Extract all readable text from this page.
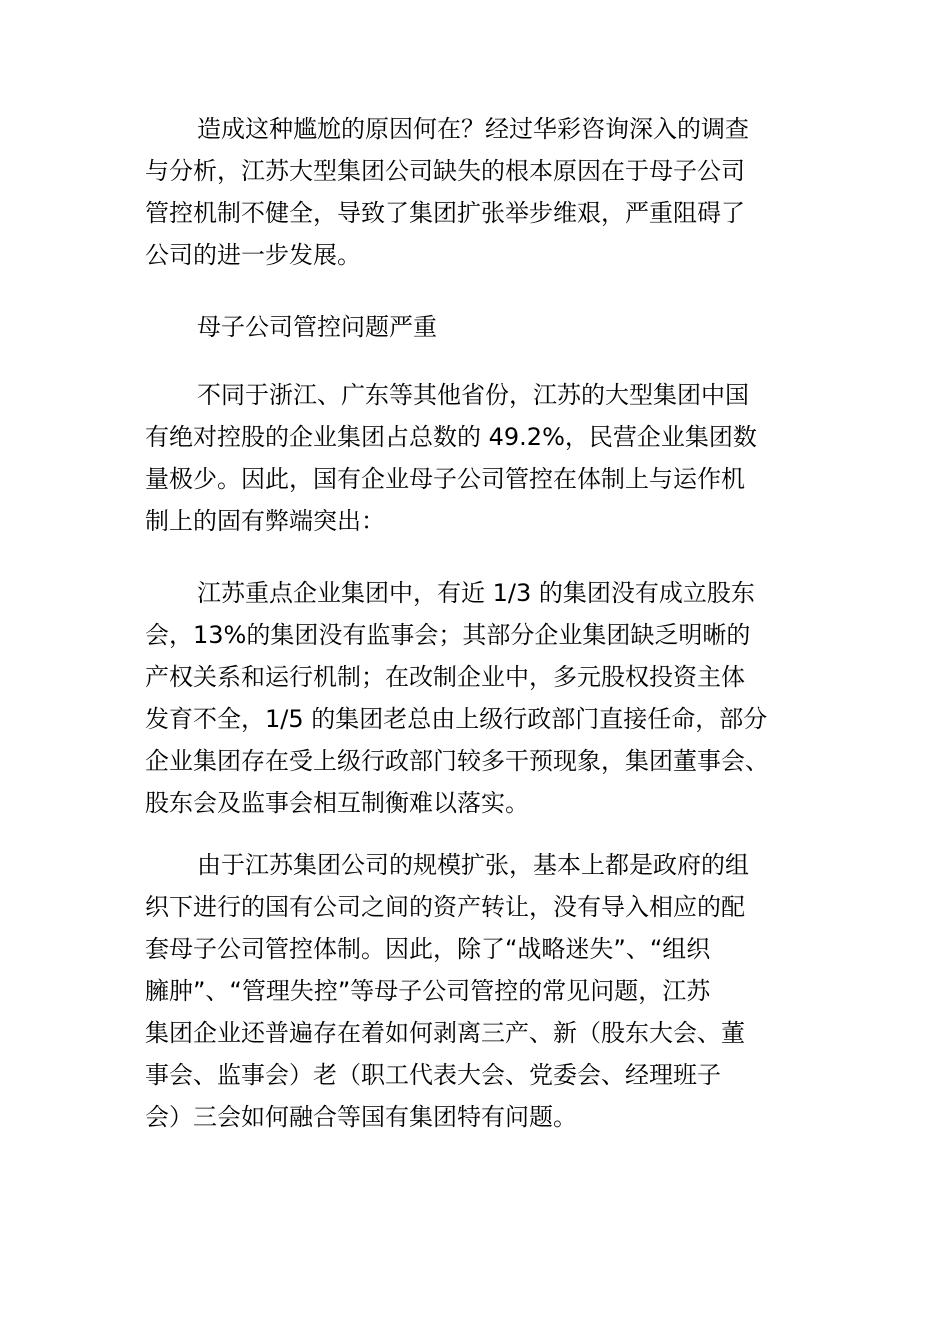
造成这种尴尬的原因何在？经过华彩咨询深入的调查
与分析，江苏大型集团公司缺失的根本原因在于母子公司
管控机制不健全，导致了集团扩张举步维艰，严重阻碍了
公司的进一步发展。
母子公司管控问题严重
不同于浙江、广东等其他省份，江苏的大型集团中国
有绝对控股的企业集团占总数的 49.2%，民营企业集团数
量极少。因此，国有企业母子公司管控在体制上与运作机
制上的固有弊端突出：
江苏重点企业集团中，有近 1/3 的集团没有成立股东
会，13%的集团没有监事会；其部分企业集团缺乏明晰的
产权关系和运行机制；在改制企业中，多元股权投资主体
发育不全，1/5 的集团老总由上级行政部门直接任命，部分
企业集团存在受上级行政部门较多干预现象，集团董事会、
股东会及监事会相互制衡难以落实。
由于江苏集团公司的规模扩张，基本上都是政府的组
织下进行的国有公司之间的资产转让，没有导入相应的配
套母子公司管控体制。因此，除了“战略迷失”、“组织
臃肿”、“管理失控”等母子公司管控的常见问题，江苏
集团企业还普遍存在着如何剥离三产、新（股东大会、董
事会、监事会）老（职工代表大会、党委会、经理班子
会）三会如何融合等国有集团特有问题。
